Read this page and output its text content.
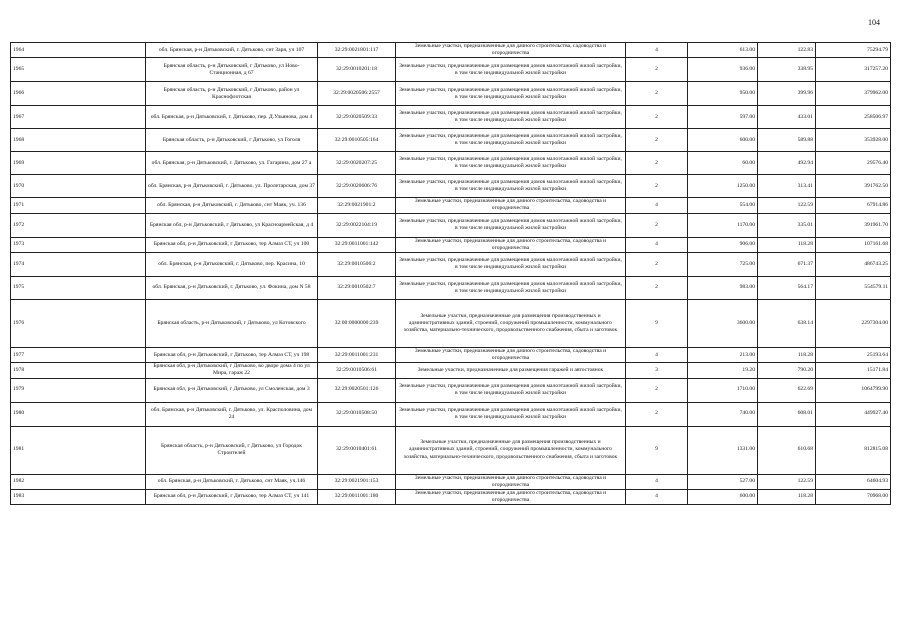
104
1964	обл. Брянская, р-н Дятьковский, г. Дятьково, снт Заря, уч 107	32:29:0021801:117	Земельные участки, предназначенные для дачного строительства, садоводства и огородничества	4	613.00	122.83	75294.79
1965	Брянская область, р-н Дятьковский, г Дятьково, ул Ново-Станционная, д 67	32:29:0010201:18	Земельные участки, предназначенные для размещения домов малоэтажной жилой застройки, в том числе индивидуальной жилой застройки	2	936.00	338.95	317257.20
1966	Брянская область, р-н Дятьковский, г Дятьково, район ул Краснофлотская	32:29:0020506:2557	Земельные участки, предназначенные для размещения домов малоэтажной жилой застройки, в том числе индивидуальной жилой застройки	2	950.00	399.96	379962.00
1967	обл. Брянская, р-н Дятьковский, г. Дятьково, пер. Д.Ульянова, дом 4	32:29:0020509:33	Земельные участки, предназначенные для размещения домов малоэтажной жилой застройки, в том числе индивидуальной жилой застройки	2	597.00	433.01	258506.97
1968	Брянская область, р-н Дятьковский, г Дятьково, ул Гоголя	32:29:0010505:164	Земельные участки, предназначенные для размещения домов малоэтажной жилой застройки, в том числе индивидуальной жилой застройки	2	600.00	589.88	353928.00
1969	обл. Брянская, р-н Дятьковский, г. Дятьково, ул. Гагарина, дом 27 а	32:29:0020207:25	Земельные участки, предназначенные для размещения домов малоэтажной жилой застройки, в том числе индивидуальной жилой застройки	2	60.00	492.94	29576.40
1970	обл. Брянская, р-н Дятьковский, г. Дятьково, ул. Пролетарская, дом 37	32:29:0020606:76	Земельные участки, предназначенные для размещения домов малоэтажной жилой застройки, в том числе индивидуальной жилой застройки	2	1250.00	313.41	391762.50
1971	обл. Брянская, р-н Дятьковский, г. Дятьково, снт Маяк, уч. 136	32:29:0021901:2	Земельные участки, предназначенные для дачного строительства, садоводства и огородничества	4	554.00	122.59	67914.86
1972	Брянская обл, р-н Дятьковский, г Дятьково, ул Красноармейская, д 4	32:29:0022104:19	Земельные участки, предназначенные для размещения домов малоэтажной жилой застройки, в том числе индивидуальной жилой застройки	2	1170.00	335.01	391961.70
1973	Брянская обл, р-н Дятьковский, г Дятьково, тер Алмаз СТ, уч 100	32:29:0011001:142	Земельные участки, предназначенные для дачного строительства, садоводства и огородничества	4	906.00	118.28	107161.68
1974	обл. Брянская, р-н Дятьковский, г. Дятьково, пер. Красина, 10	32:29:0010506:2	Земельные участки, предназначенные для размещения домов малоэтажной жилой застройки, в том числе индивидуальной жилой застройки	2	725.00	671.37	486743.25
1975	обл. Брянская, р-н Дятьковский, г. Дятьково, ул. Фокина, дом N 58	32:29:0010502:7	Земельные участки, предназначенные для размещения домов малоэтажной жилой застройки, в том числе индивидуальной жилой застройки	2	983.00	564.17	554579.11
1976	Брянская область, р-н Дятьковский, г Дятьково, ул Котовского	32:00:0000000:239	Земельные участки, предназначенные для размещения производственных и административных зданий, строений, сооружений промышленности, коммунального хозяйства, материально-технического, продовольственного снабжения, сбыта и заготовок	9	3600.00	638.14	2297304.00
1977	Брянская обл, р-н Дятьковский, г Дятьково, тер Алмаз СТ, уч 198	32:29:0011001:231	Земельные участки, предназначенные для дачного строительства, садоводства и огородничества	4	213.00	118.28	25193.64
1978	Брянская обл, р-н Дятьковский, г Дятьково, во дворе дома 4 по ул Мира, гараж 22	32:29:0010506:61	Земельные участки, предназначенные для размещения гаражей и автостоянок	3	19.20	790.20	15171.84
1979	Брянская обл, р-н Дятьковский, г Дятьково, ул Смоленская, дом 3	32:29:0020501:126	Земельные участки, предназначенные для размещения домов малоэтажной жилой застройки, в том числе индивидуальной жилой застройки	2	1710.00	622.69	1064799.90
1980	обл. Брянская, р-н Дятьковский, г. Дятьково, ул. Красполовина, дом 24	32:29:0010508:50	Земельные участки, предназначенные для размещения домов малоэтажной жилой застройки, в том числе индивидуальной жилой застройки	2	740.00	608.01	449927.40
1981	Брянская область, р-н Дятьковский, г Дятьково, ул Городок Строителей	32:29:0010401:61	Земельные участки, предназначенные для размещения производственных и административных зданий, строений, сооружений промышленности, коммунального хозяйства, материально-технического, продовольственного снабжения, сбыта и заготовок	9	1331.00	610.68	812815.08
1982	обл. Брянская, р-н Дятьковский, г. Дятьково, снт Маяк, уч.146	32:29:0021901:153	Земельные участки, предназначенные для дачного строительства, садоводства и огородничества	4	527.00	122.59	64604.93
1983	Брянская обл, р-н Дятьковский, г Дятьково, тер Алмаз СТ, уч 141	32:29:0011001:180	Земельные участки, предназначенные для дачного строительства, садоводства и огородничества	4	600.00	118.28	70968.00
